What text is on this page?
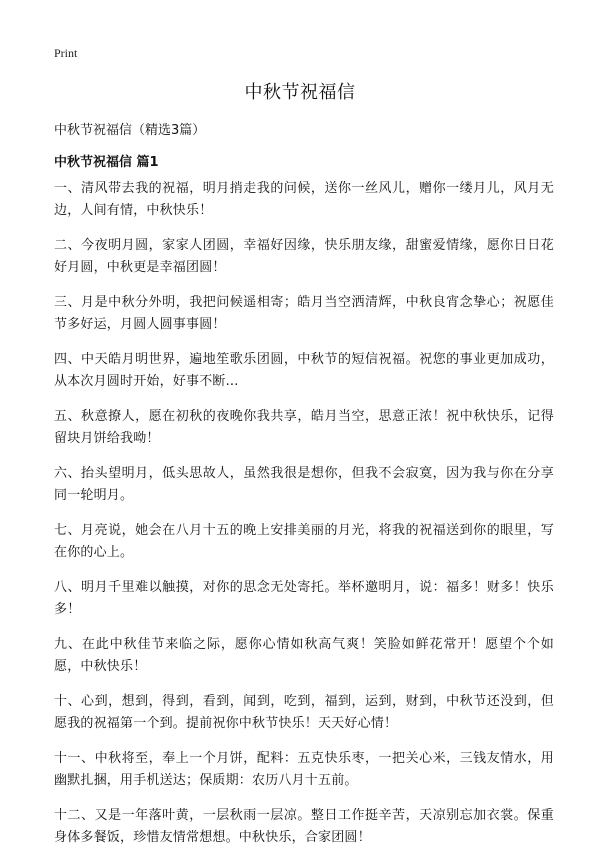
Print
中秋节祝福信
中秋节祝福信（精选3篇）
中秋节祝福信 篇1

一、清风带去我的祝福，明月捎走我的问候，送你一丝风儿，赠你一缕月儿，风月无边，人间有情，中秋快乐！

二、今夜明月圆，家家人团圆，幸福好因缘，快乐朋友缘，甜蜜爱情缘，愿你日日花好月圆，中秋更是幸福团圆！

三、月是中秋分外明，我把问候遥相寄；皓月当空洒清辉，中秋良宵念挚心；祝愿佳节多好运，月圆人圆事事圆！

四、中天皓月明世界，遍地笙歌乐团圆，中秋节的短信祝福。祝您的事业更加成功，从本次月圆时开始，好事不断...

五、秋意撩人，愿在初秋的夜晚你我共享，皓月当空，思意正浓！祝中秋快乐，记得留块月饼给我呦！

六、抬头望明月，低头思故人，虽然我很是想你，但我不会寂寞，因为我与你在分享同一轮明月。

七、月亮说，她会在八月十五的晚上安排美丽的月光，将我的祝福送到你的眼里，写在你的心上。

八、明月千里难以触摸，对你的思念无处寄托。举杯邀明月，说：福多！财多！快乐多！

九、在此中秋佳节来临之际，愿你心情如秋高气爽！笑脸如鲜花常开！愿望个个如愿，中秋快乐！

十、心到，想到，得到，看到，闻到，吃到，福到，运到，财到，中秋节还没到，但愿我的祝福第一个到。提前祝你中秋节快乐！天天好心情！

十一、中秋将至，奉上一个月饼，配料：五克快乐枣，一把关心米，三钱友情水，用幽默扎捆，用手机送达；保质期：农历八月十五前。

十二、又是一年落叶黄，一层秋雨一层凉。整日工作挺辛苦，天凉别忘加衣裳。保重身体多餐饭，珍惜友情常想想。中秋快乐，合家团圆！
